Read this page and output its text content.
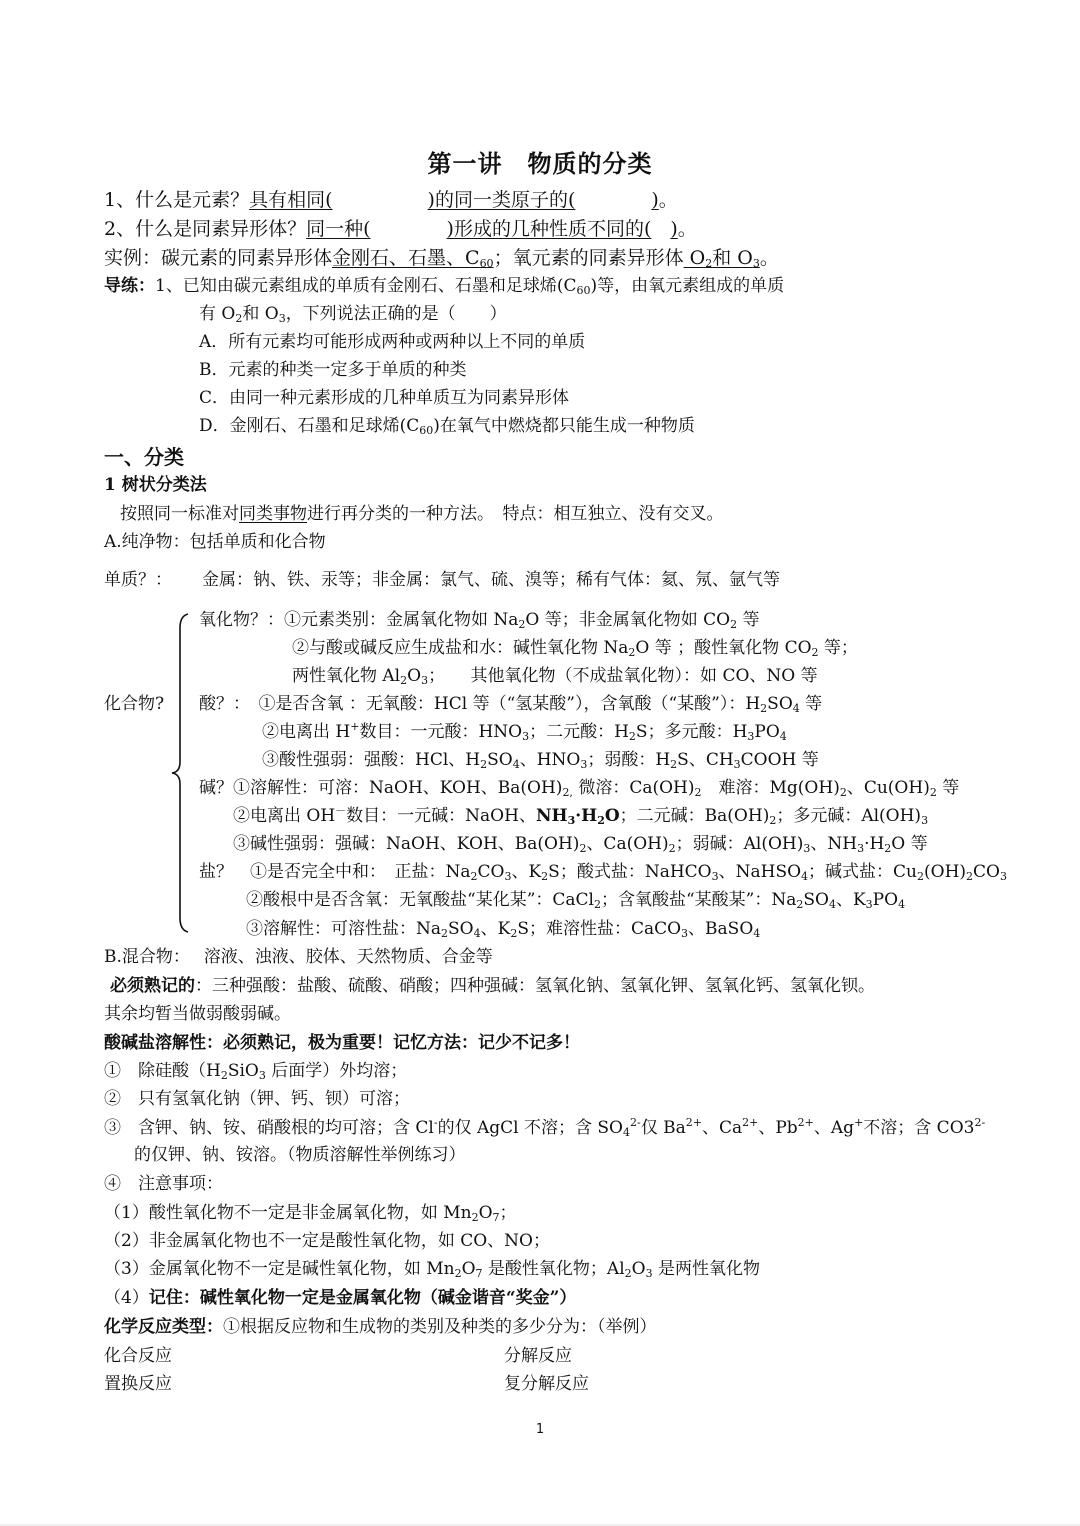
第一讲　物质的分类
1、什么是元素？具有相同(　　　　　	)的同一类原子的(　　　　	)。
2、什么是同素异形体？同一种(　　　　	)形成的几种性质不同的(　 )。
实例：碳元素的同素异形体金刚石、石墨、$C_{60}$；氧元素的同素异形体 $O_2$和 $O_3$。
导练：1、已知由碳元素组成的单质有金刚石、石墨和足球烯$(C_{60})$等，由氧元素组成的单质
有 $O_2$和 $O_3$，下列说法正确的是（　　）
A．所有元素均可能形成两种或两种以上不同的单质
B．元素的种类一定多于单质的种类
C．由同一种元素形成的几种单质互为同素异形体
D．金刚石、石墨和足球烯$(C_{60})$在氧气中燃烧都只能生成一种物质
一、分类
1 树状分类法
按照同一标准对同类事物进行再分类的一种方法。　特点：相互独立、没有交叉。
A.纯净物：包括单质和化合物
单质？： 金属：钠、铁、汞等；非金属：氯气、硫、溴等；稀有气体：氦、氖、氩气等
化合物?
氧化物？：①元素类别：金属氧化物如 $Na_2O$ 等；非金属氧化物如 $CO_2$ 等
②与酸或碱反应生成盐和水：碱性氧化物 $Na_2O$ 等 ；酸性氧化物 $CO_2$ 等；
两性氧化物 $Al_2O_3$；　　其他氧化物（不成盐氧化物）：如 CO、NO 等
酸？：　①是否含氧 ：无氧酸：HCl 等（“氢某酸”），含氧酸（“某酸”）：$H_2SO_4$ 等
②电离出 H+数目：一元酸：$HNO_3$；二元酸：$H_2S$；多元酸：$H_3PO_4$
③酸性强弱：强酸：HCl、$H_2SO_4$、$HNO_3$；弱酸：$H_2S$、$CH_3COOH$ 等
碱？①溶解性：可溶：NaOH、KOH、$Ba(OH)_{2,}$ 微溶：$Ca(OH)_2$　难溶：$Mg(OH)_2$、$Cu(OH)_2$ 等
②电离出 OH－数目：一元碱：NaOH、$NH_3\cdot H_2O$；二元碱：$Ba(OH)_2$；多元碱：$Al(OH)_3$
③碱性强弱：强碱：NaOH、KOH、$Ba(OH)_2$、$Ca(OH)_2$；弱碱：$Al(OH)_3$、$NH_3\cdot H_2O$ 等
盐？　①是否完全中和：　正盐：$Na_2CO_3$、$K_2S$；酸式盐：NaHCO$_3$、NaHSO$_4$；碱式盐：$Cu_2(OH)_2CO_3$
②酸根中是否含氧：无氧酸盐“某化某”：CaCl$_2$；含氧酸盐“某酸某”：$Na_2SO_4$、$K_3PO_4$
③溶解性：可溶性盐：$Na_2SO_4$、$K_2S$；难溶性盐：CaCO$_3$、BaSO$_4$
B.混合物：　 溶液、浊液、胶体、天然物质、合金等
必须熟记的：三种强酸：盐酸、硫酸、硝酸；四种强碱：氢氧化钠、氢氧化钾、氢氧化钙、氢氧化钡。
其余均暂当做弱酸弱碱。
酸碱盐溶解性：必须熟记，极为重要！记忆方法：记少不记多！
①　除硅酸（$H_2SiO_3$ 后面学）外均溶；
②　只有氢氧化钠（钾、钙、钡）可溶；
③　含钾、钠、铵、硝酸根的均可溶；含 Cl-的仅 AgCl 不溶；含 $SO_4^{2-}$仅 $Ba^{2+}$、$Ca^{2+}$、$Pb^{2+}$、Ag+不溶；含 $CO3^{2-}$
的仅钾、钠、铵溶。（物质溶解性举例练习）
④　注意事项：
（1）酸性氧化物不一定是非金属氧化物，如 $Mn_2O_7$；
（2）非金属氧化物也不一定是酸性氧化物，如 CO、NO；
（3）金属氧化物不一定是碱性氧化物，如 $Mn_2O_7$ 是酸性氧化物；$Al_2O_3$ 是两性氧化物
（4）记住：碱性氧化物一定是金属氧化物（碱金谐音“奖金”）
化学反应类型：①根据反应物和生成物的类别及种类的多少分为：（举例）
化合反应	分解反应
置换反应	复分解反应
1
